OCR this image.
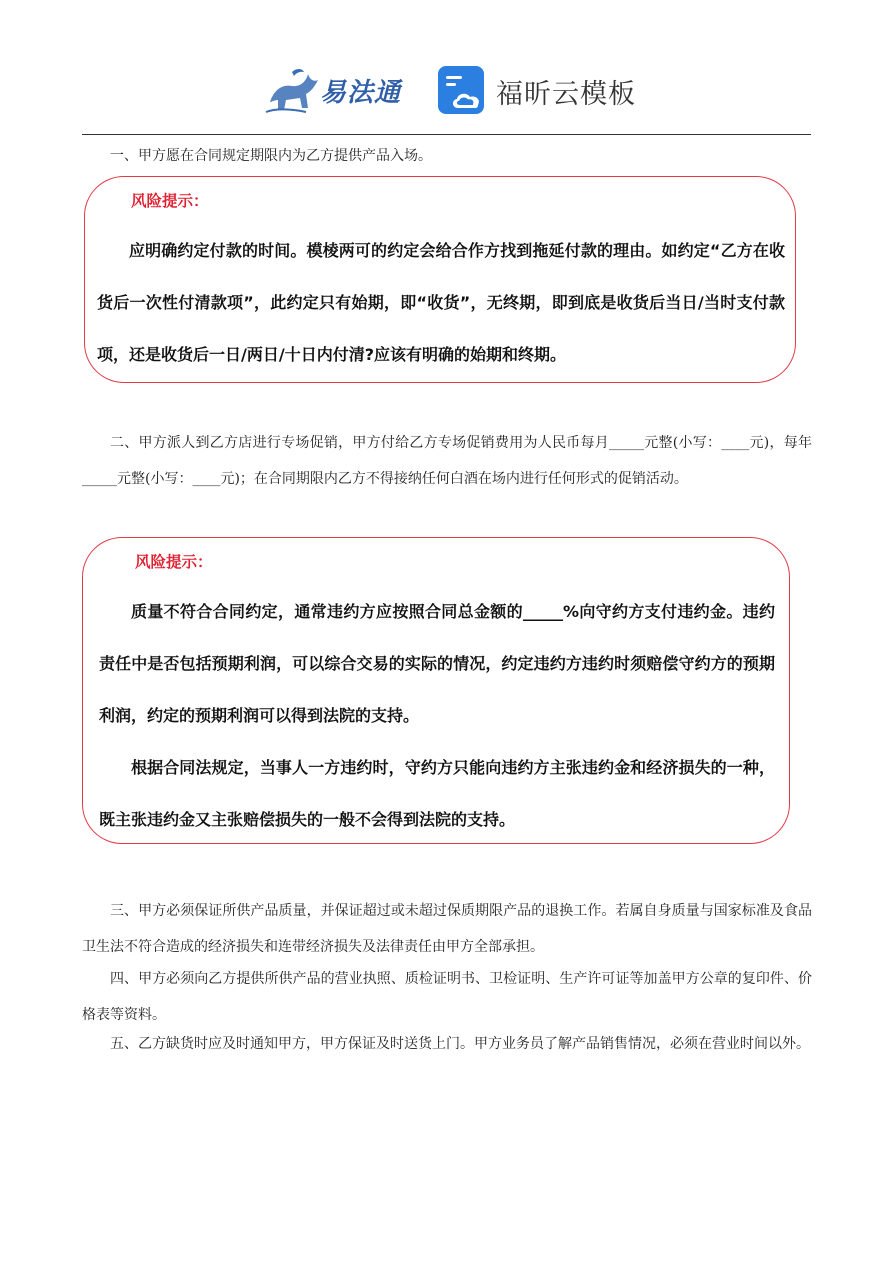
易法通	福昕云模板

一、甲方愿在合同规定期限内为乙方提供产品入场。

风险提示：

应明确约定付款的时间。模棱两可的约定会给合作方找到拖延付款的理由。如约定“乙方在收货后一次性付清款项”，此约定只有始期，即“收货”，无终期，即到底是收货后当日/当时支付款项，还是收货后一日/两日/十日内付清?应该有明确的始期和终期。

二、甲方派人到乙方店进行专场促销，甲方付给乙方专场促销费用为人民币每月_____元整(小写：____元)，每年_____元整(小写：____元)；在合同期限内乙方不得接纳任何白酒在场内进行任何形式的促销活动。

风险提示：

质量不符合合同约定，通常违约方应按照合同总金额的_____%向守约方支付违约金。违约责任中是否包括预期利润，可以综合交易的实际的情况，约定违约方违约时须赔偿守约方的预期利润，约定的预期利润可以得到法院的支持。

根据合同法规定，当事人一方违约时，守约方只能向违约方主张违约金和经济损失的一种，既主张违约金又主张赔偿损失的一般不会得到法院的支持。

三、甲方必须保证所供产品质量，并保证超过或未超过保质期限产品的退换工作。若属自身质量与国家标准及食品卫生法不符合造成的经济损失和连带经济损失及法律责任由甲方全部承担。

四、甲方必须向乙方提供所供产品的营业执照、质检证明书、卫检证明、生产许可证等加盖甲方公章的复印件、价格表等资料。

五、乙方缺货时应及时通知甲方，甲方保证及时送货上门。甲方业务员了解产品销售情况，必须在营业时间以外。
